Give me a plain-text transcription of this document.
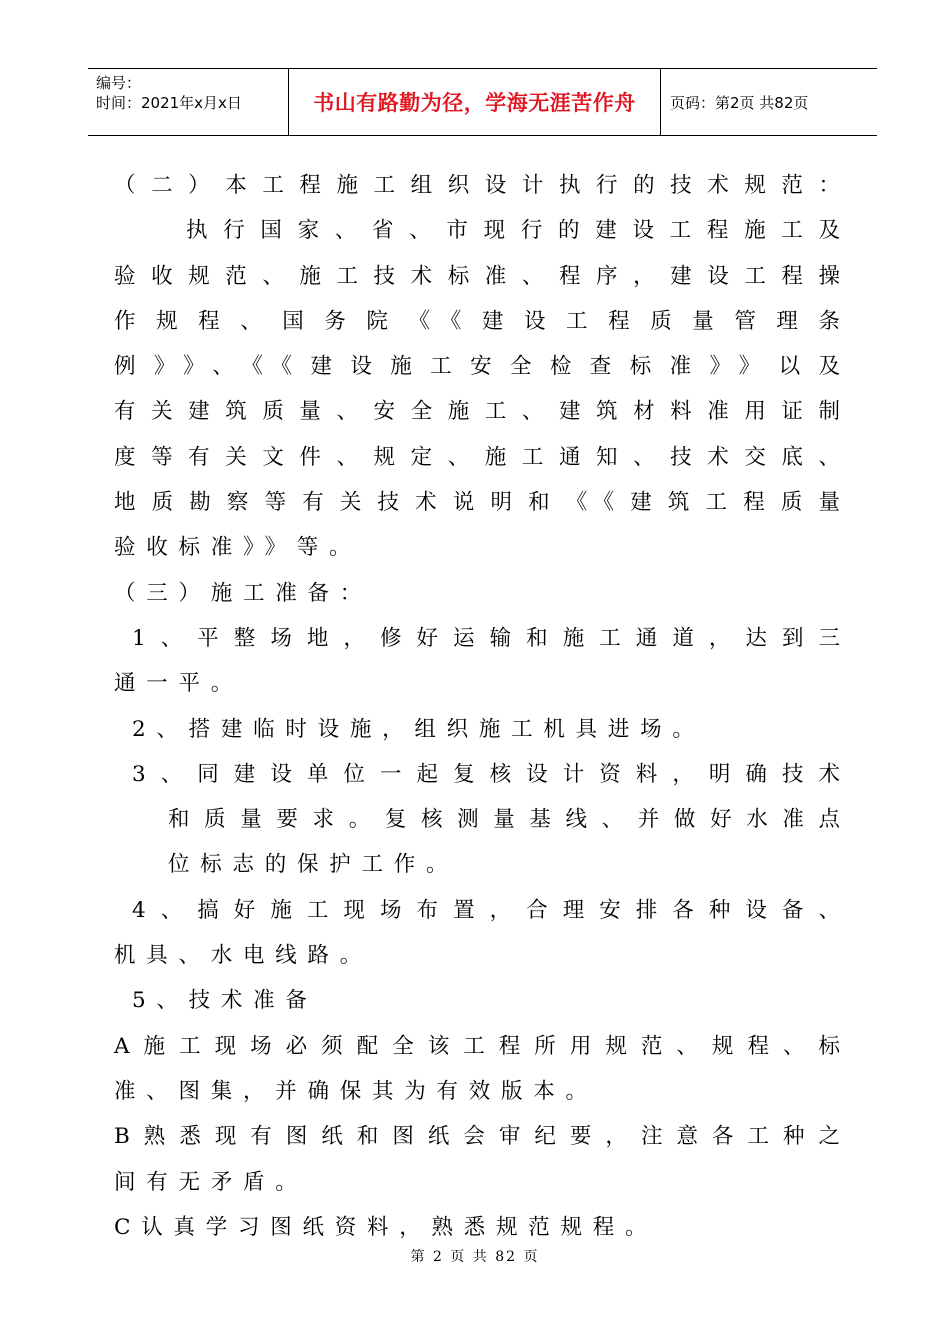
编号：
时间：2021年x月x日	书山有路勤为径，学海无涯苦作舟	页码：第2页 共82页
（二）本工程施工组织设计执行的技术规范：
执行国家、省、市现行的建设工程施工及
验收规范、施工技术标准、程序，建设工程操
作规程、国务院《《建设工程质量管理条
例》》、《《建设施工安全检查标准》》以及
有关建筑质量、安全施工、建筑材料准用证制
度等有关文件、规定、施工通知、技术交底、
地质勘察等有关技术说明和《《建筑工程质量
验收标准》》等。
（三）施工准备：
1、平整场地，修好运输和施工通道，达到三
通一平。
2、搭建临时设施，组织施工机具进场。
3、同建设单位一起复核设计资料，明确技术
和质量要求。复核测量基线、并做好水准点
位标志的保护工作。
4、搞好施工现场布置，合理安排各种设备、
机具、水电线路。
5、技术准备
A施工现场必须配全该工程所用规范、规程、标
准、图集，并确保其为有效版本。
B熟悉现有图纸和图纸会审纪要，注意各工种之
间有无矛盾。
C认真学习图纸资料，熟悉规范规程。
第 2 页 共 82 页
